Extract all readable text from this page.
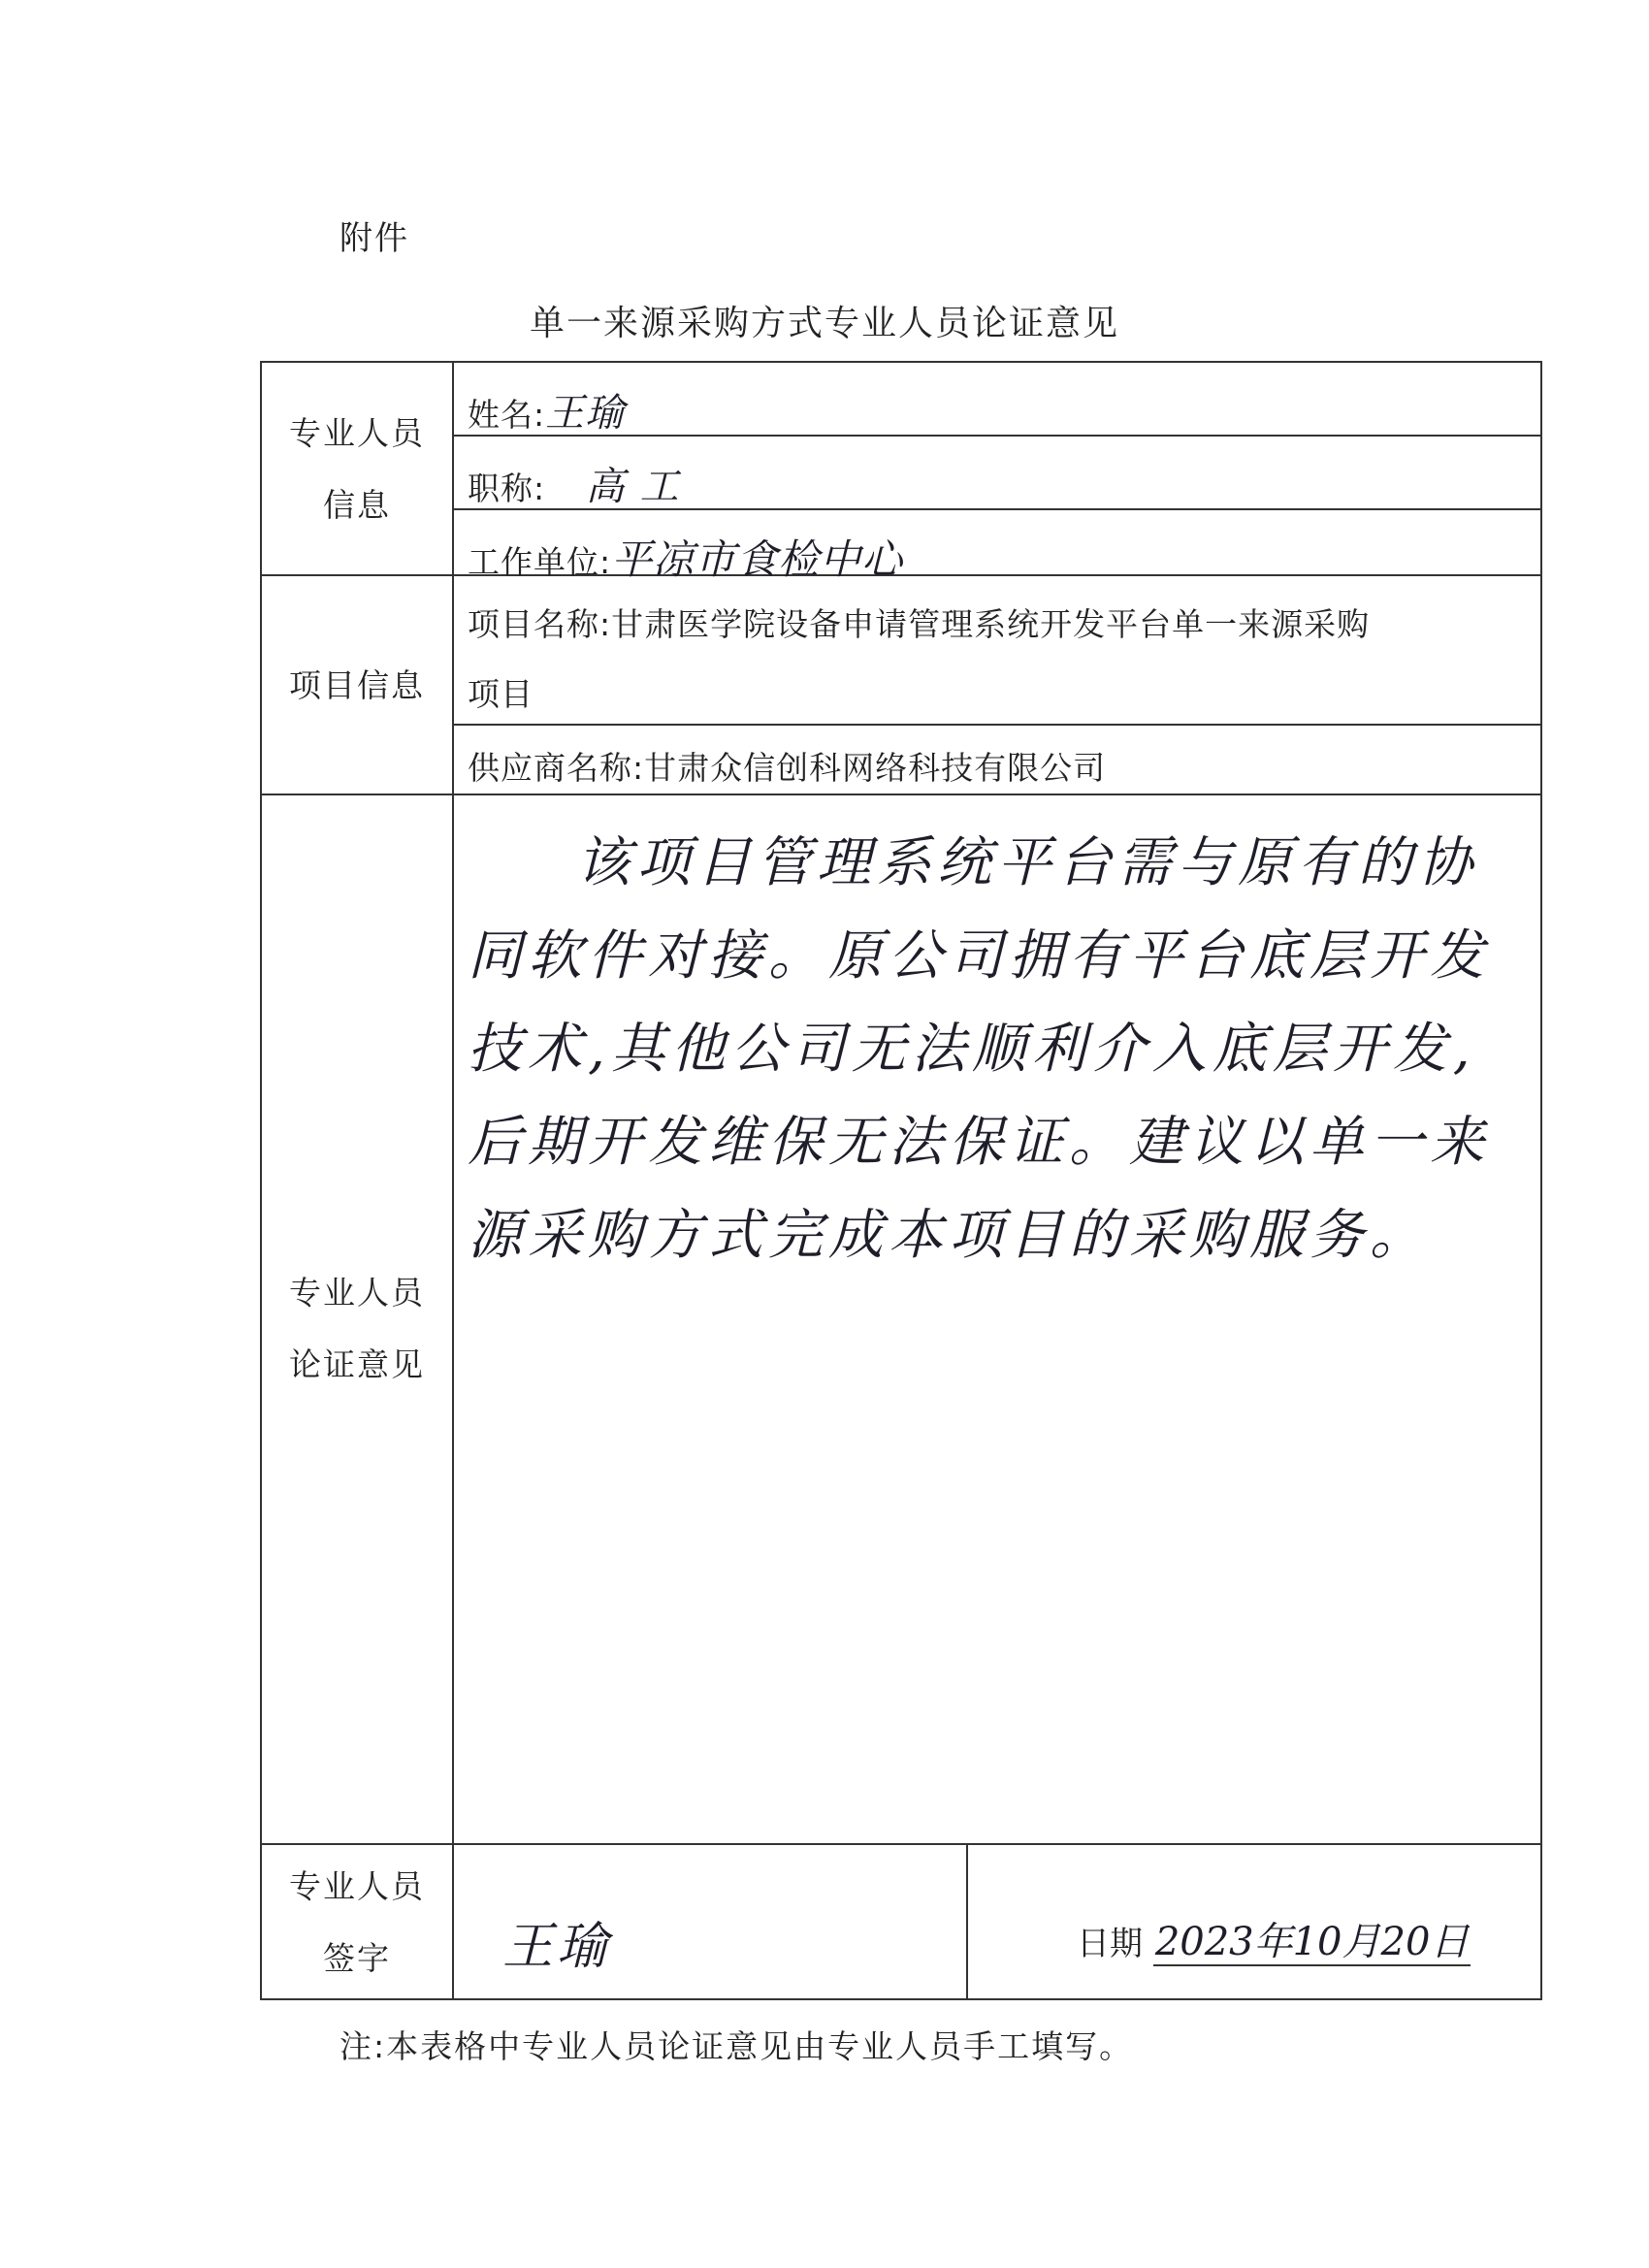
附件
单一来源采购方式专业人员论证意见
专业人员
信息
姓名:王瑜
职称: 高工
工作单位:平凉市食检中心
项目信息
项目名称:甘肃医学院设备申请管理系统开发平台单一来源采购
项目
供应商名称:甘肃众信创科网络科技有限公司
专业人员
论证意见
该项目管理系统平台需与原有的协同软件对接。原公司拥有平台底层开发技术,其他公司无法顺利介入底层开发,后期开发维保无法保证。建议以单一来源采购方式完成本项目的采购服务。
专业人员
签字	王瑜	日期 2023年10月20日
注:本表格中专业人员论证意见由专业人员手工填写。
